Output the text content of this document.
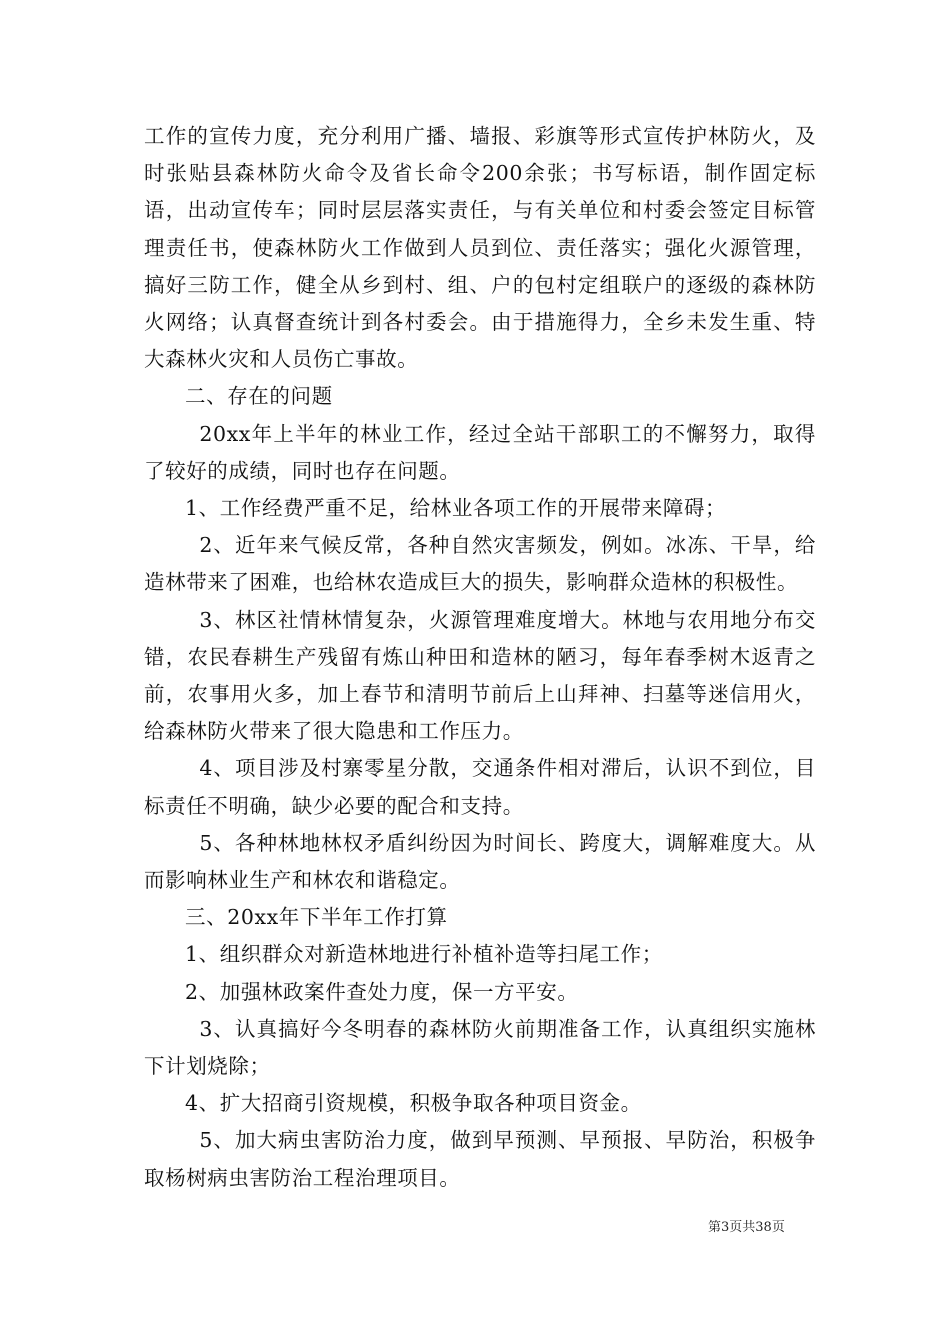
工作的宣传力度，充分利用广播、墙报、彩旗等形式宣传护林防火，及时张贴县森林防火命令及省长命令200余张；书写标语，制作固定标语，出动宣传车；同时层层落实责任，与有关单位和村委会签定目标管理责任书，使森林防火工作做到人员到位、责任落实；强化火源管理，搞好三防工作，健全从乡到村、组、户的包村定组联户的逐级的森林防火网络；认真督查统计到各村委会。由于措施得力，全乡未发生重、特大森林火灾和人员伤亡事故。

二、存在的问题

20xx年上半年的林业工作，经过全站干部职工的不懈努力，取得了较好的成绩，同时也存在问题。

1、工作经费严重不足，给林业各项工作的开展带来障碍；

2、近年来气候反常，各种自然灾害频发，例如。冰冻、干旱，给造林带来了困难，也给林农造成巨大的损失，影响群众造林的积极性。

3、林区社情林情复杂，火源管理难度增大。林地与农用地分布交错，农民春耕生产残留有炼山种田和造林的陋习，每年春季树木返青之前，农事用火多，加上春节和清明节前后上山拜神、扫墓等迷信用火，给森林防火带来了很大隐患和工作压力。

4、项目涉及村寨零星分散，交通条件相对滞后，认识不到位，目标责任不明确，缺少必要的配合和支持。

5、各种林地林权矛盾纠纷因为时间长、跨度大，调解难度大。从而影响林业生产和林农和谐稳定。

三、20xx年下半年工作打算

1、组织群众对新造林地进行补植补造等扫尾工作；

2、加强林政案件查处力度，保一方平安。

3、认真搞好今冬明春的森林防火前期准备工作，认真组织实施林下计划烧除；

4、扩大招商引资规模，积极争取各种项目资金。

5、加大病虫害防治力度，做到早预测、早预报、早防治，积极争取杨树病虫害防治工程治理项目。

第3页共38页
